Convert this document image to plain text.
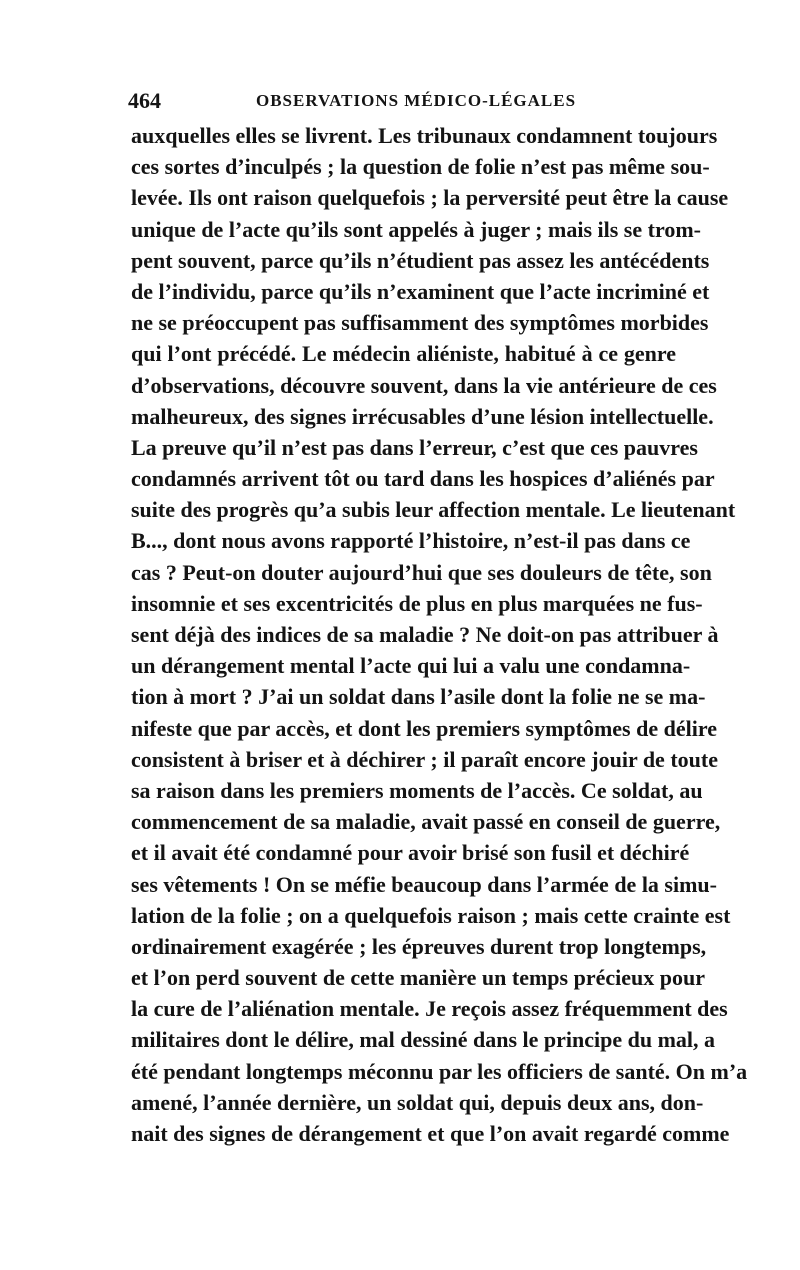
464	OBSERVATIONS MÉDICO-LÉGALES
auxquelles elles se livrent. Les tribunaux condamnent toujours
ces sortes d’inculpés ; la question de folie n’est pas même sou-
levée. Ils ont raison quelquefois ; la perversité peut être la cause
unique de l’acte qu’ils sont appelés à juger ; mais ils se trom-
pent souvent, parce qu’ils n’étudient pas assez les antécédents
de l’individu, parce qu’ils n’examinent que l’acte incriminé et
ne se préoccupent pas suffisamment des symptômes morbides
qui l’ont précédé. Le médecin aliéniste, habitué à ce genre
d’observations, découvre souvent, dans la vie antérieure de ces
malheureux, des signes irrécusables d’une lésion intellectuelle.
La preuve qu’il n’est pas dans l’erreur, c’est que ces pauvres
condamnés arrivent tôt ou tard dans les hospices d’aliénés par
suite des progrès qu’a subis leur affection mentale. Le lieutenant
B..., dont nous avons rapporté l’histoire, n’est-il pas dans ce
cas ? Peut-on douter aujourd’hui que ses douleurs de tête, son
insomnie et ses excentricités de plus en plus marquées ne fus-
sent déjà des indices de sa maladie ? Ne doit-on pas attribuer à
un dérangement mental l’acte qui lui a valu une condamna-
tion à mort ? J’ai un soldat dans l’asile dont la folie ne se ma-
nifeste que par accès, et dont les premiers symptômes de délire
consistent à briser et à déchirer ; il paraît encore jouir de toute
sa raison dans les premiers moments de l’accès. Ce soldat, au
commencement de sa maladie, avait passé en conseil de guerre,
et il avait été condamné pour avoir brisé son fusil et déchiré
ses vêtements ! On se méfie beaucoup dans l’armée de la simu-
lation de la folie ; on a quelquefois raison ; mais cette crainte est
ordinairement exagérée ; les épreuves durent trop longtemps,
et l’on perd souvent de cette manière un temps précieux pour
la cure de l’aliénation mentale. Je reçois assez fréquemment des
militaires dont le délire, mal dessiné dans le principe du mal, a
été pendant longtemps méconnu par les officiers de santé. On m’a
amené, l’année dernière, un soldat qui, depuis deux ans, don-
nait des signes de dérangement et que l’on avait regardé comme
